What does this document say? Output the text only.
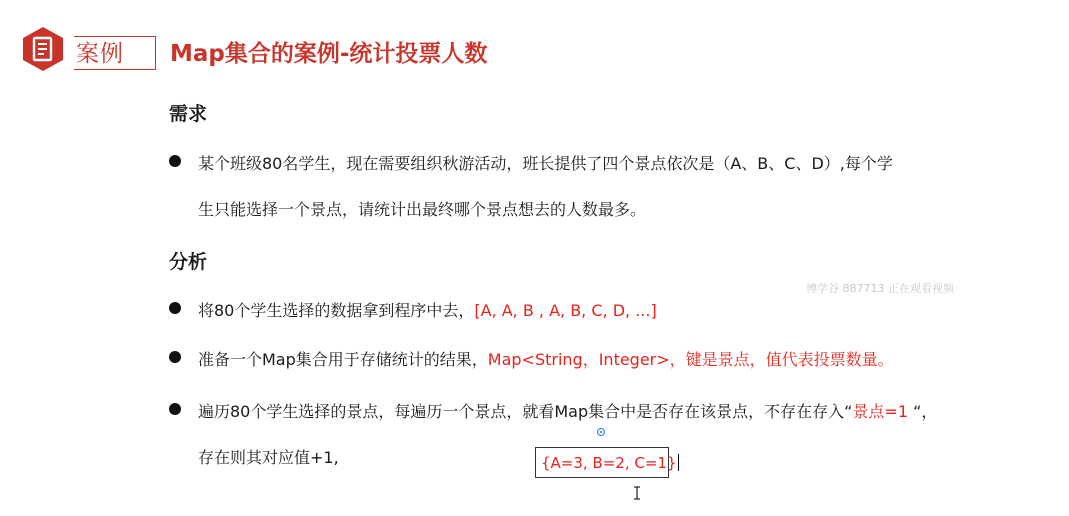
案例 Map集合的案例-统计投票人数
需求
某个班级80名学生，现在需要组织秋游活动，班长提供了四个景点依次是（A、B、C、D）,每个学
生只能选择一个景点，请统计出最终哪个景点想去的人数最多。
分析
博学谷 887713 正在观看视频
将80个学生选择的数据拿到程序中去，[A, A, B , A, B, C, D, ...]
准备一个Map集合用于存储统计的结果，Map<String，Integer>，键是景点，值代表投票数量。
遍历80个学生选择的景点，每遍历一个景点，就看Map集合中是否存在该景点，不存在存入“景点=1 “，
存在则其对应值+1,	{A=3, B=2, C=1}
